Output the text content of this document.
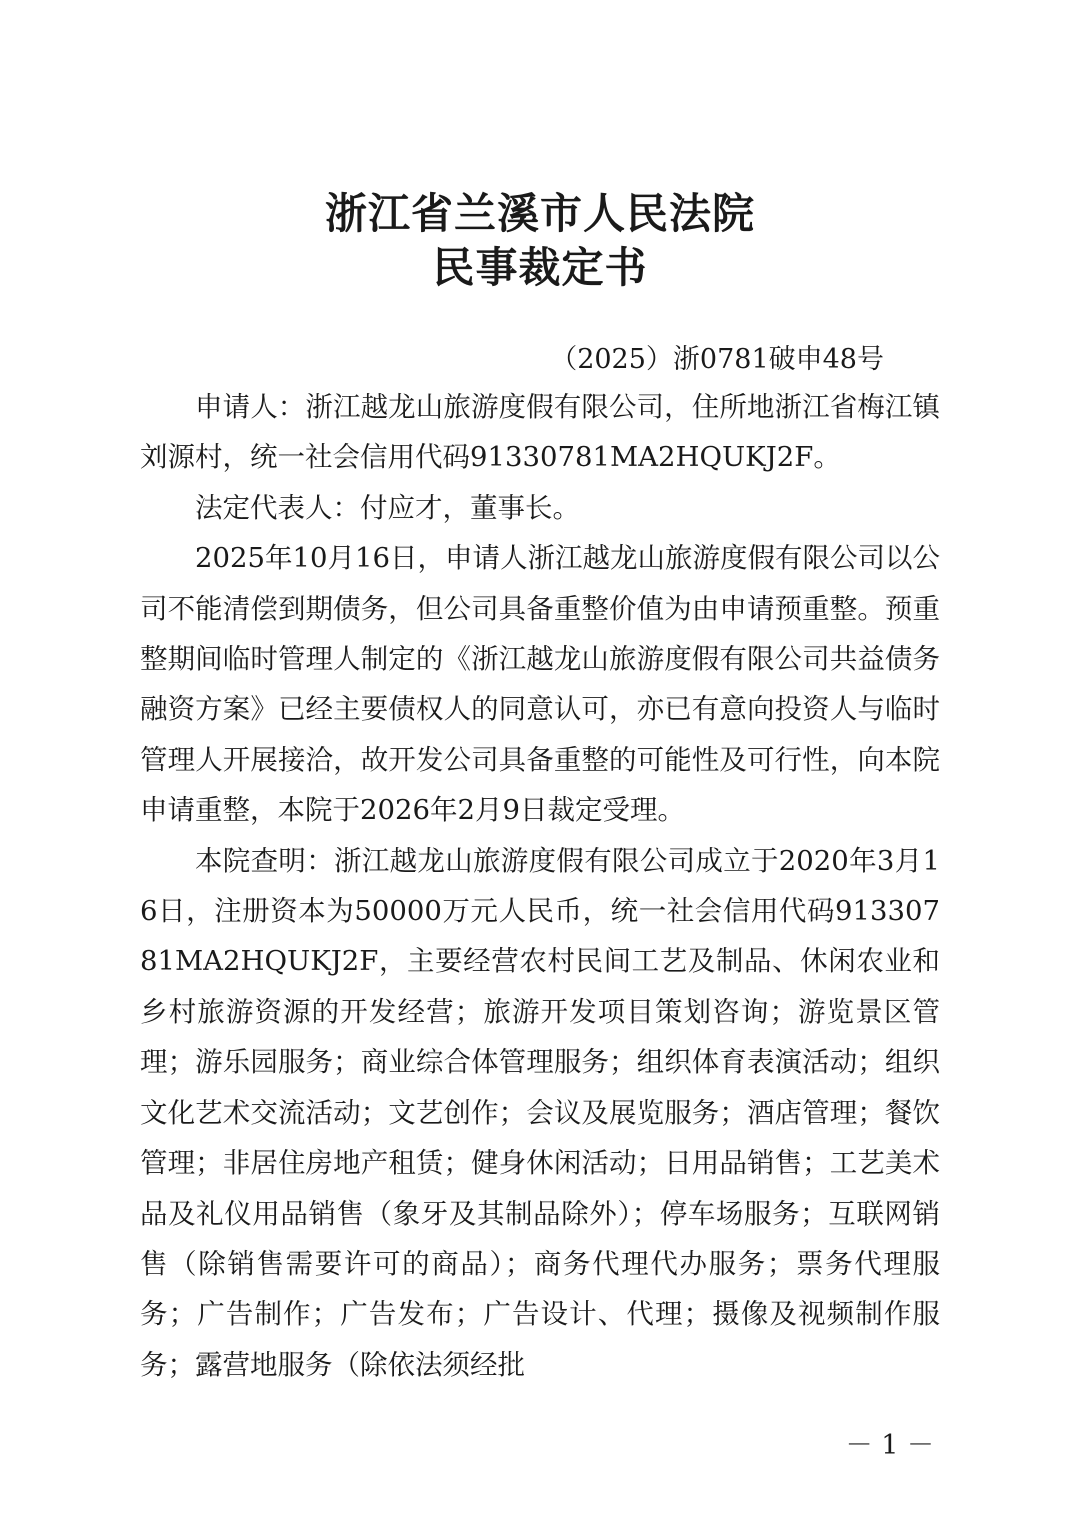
浙江省兰溪市人民法院
民事裁定书
（2025）浙0781破申48号

申请人：浙江越龙山旅游度假有限公司，住所地浙江省梅江镇刘源村，统一社会信用代码91330781MA2HQUKJ2F。

法定代表人：付应才，董事长。

2025年10月16日，申请人浙江越龙山旅游度假有限公司以公司不能清偿到期债务，但公司具备重整价值为由申请预重整。预重整期间临时管理人制定的《浙江越龙山旅游度假有限公司共益债务融资方案》已经主要债权人的同意认可，亦已有意向投资人与临时管理人开展接洽，故开发公司具备重整的可能性及可行性，向本院申请重整，本院于2026年2月9日裁定受理。

本院查明：浙江越龙山旅游度假有限公司成立于2020年3月16日，注册资本为50000万元人民币，统一社会信用代码91330781MA2HQUKJ2F，主要经营农村民间工艺及制品、休闲农业和乡村旅游资源的开发经营；旅游开发项目策划咨询；游览景区管理；游乐园服务；商业综合体管理服务；组织体育表演活动；组织文化艺术交流活动；文艺创作；会议及展览服务；酒店管理；餐饮管理；非居住房地产租赁；健身休闲活动；日用品销售；工艺美术品及礼仪用品销售（象牙及其制品除外）；停车场服务；互联网销售（除销售需要许可的商品）；商务代理代办服务；票务代理服务；广告制作；广告发布；广告设计、代理；摄像及视频制作服务；露营地服务（除依法须经批

－ 1 －
